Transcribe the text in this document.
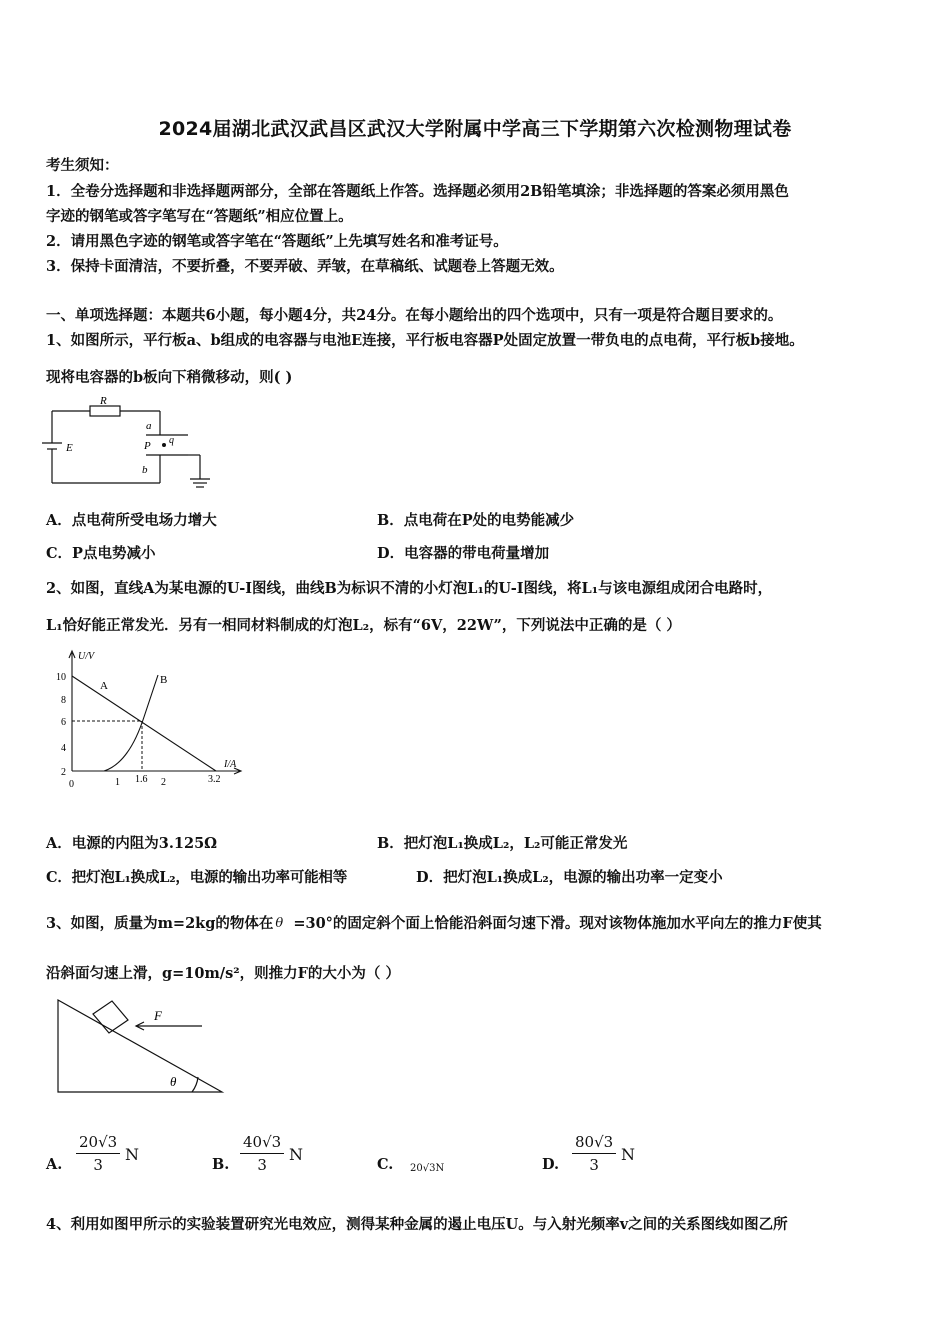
2024届湖北武汉武昌区武汉大学附属中学高三下学期第六次检测物理试卷
考生须知：
1．全卷分选择题和非选择题两部分，全部在答题纸上作答。选择题必须用2B铅笔填涂；非选择题的答案必须用黑色
字迹的钢笔或答字笔写在“答题纸”相应位置上。
2．请用黑色字迹的钢笔或答字笔在“答题纸”上先填写姓名和准考证号。
3．保持卡面清洁，不要折叠，不要弄破、弄皱，在草稿纸、试题卷上答题无效。
一、单项选择题：本题共6小题，每小题4分，共24分。在每小题给出的四个选项中，只有一项是符合题目要求的。
1、如图所示，平行板a、b组成的电容器与电池E连接，平行板电容器P处固定放置一带负电的点电荷，平行板b接地。
现将电容器的b板向下稍微移动，则( )
R
E
a
b
P q
A．点电荷所受电场力增大	B．点电荷在P处的电势能减少
C．P点电势减小	D．电容器的带电荷量增加
2、如图，直线A为某电源的U-I图线，曲线B为标识不清的小灯泡L₁的U-I图线，将L₁与该电源组成闭合电路时，
L₁恰好能正常发光．另有一相同材料制成的灯泡L₂，标有“6V，22W”，下列说法中正确的是（ ）
10
8
6
4
2
0	1 1.6 2	3.2
U/V
I/A
A	B
A．电源的内阻为3.125Ω	B．把灯泡L₁换成L₂，L₂可能正常发光
C．把灯泡L₁换成L₂，电源的输出功率可能相等	D．把灯泡L₁换成L₂，电源的输出功率一定变小
3、如图，质量为m=2kg的物体在 θ =30°的固定斜个面上恰能沿斜面匀速下滑。现对该物体施加水平向左的推力F使其
沿斜面匀速上滑，g=10m/s²，则推力F的大小为（ ）
F
θ
A. $\frac{20√3}{3}$ N
B. $\frac{40√3}{3}$ N
C. 20√3N	D. $\frac{80√3}{3}$ N
4、利用如图甲所示的实验装置研究光电效应，测得某种金属的遏止电压U。与入射光频率v之间的关系图线如图乙所
